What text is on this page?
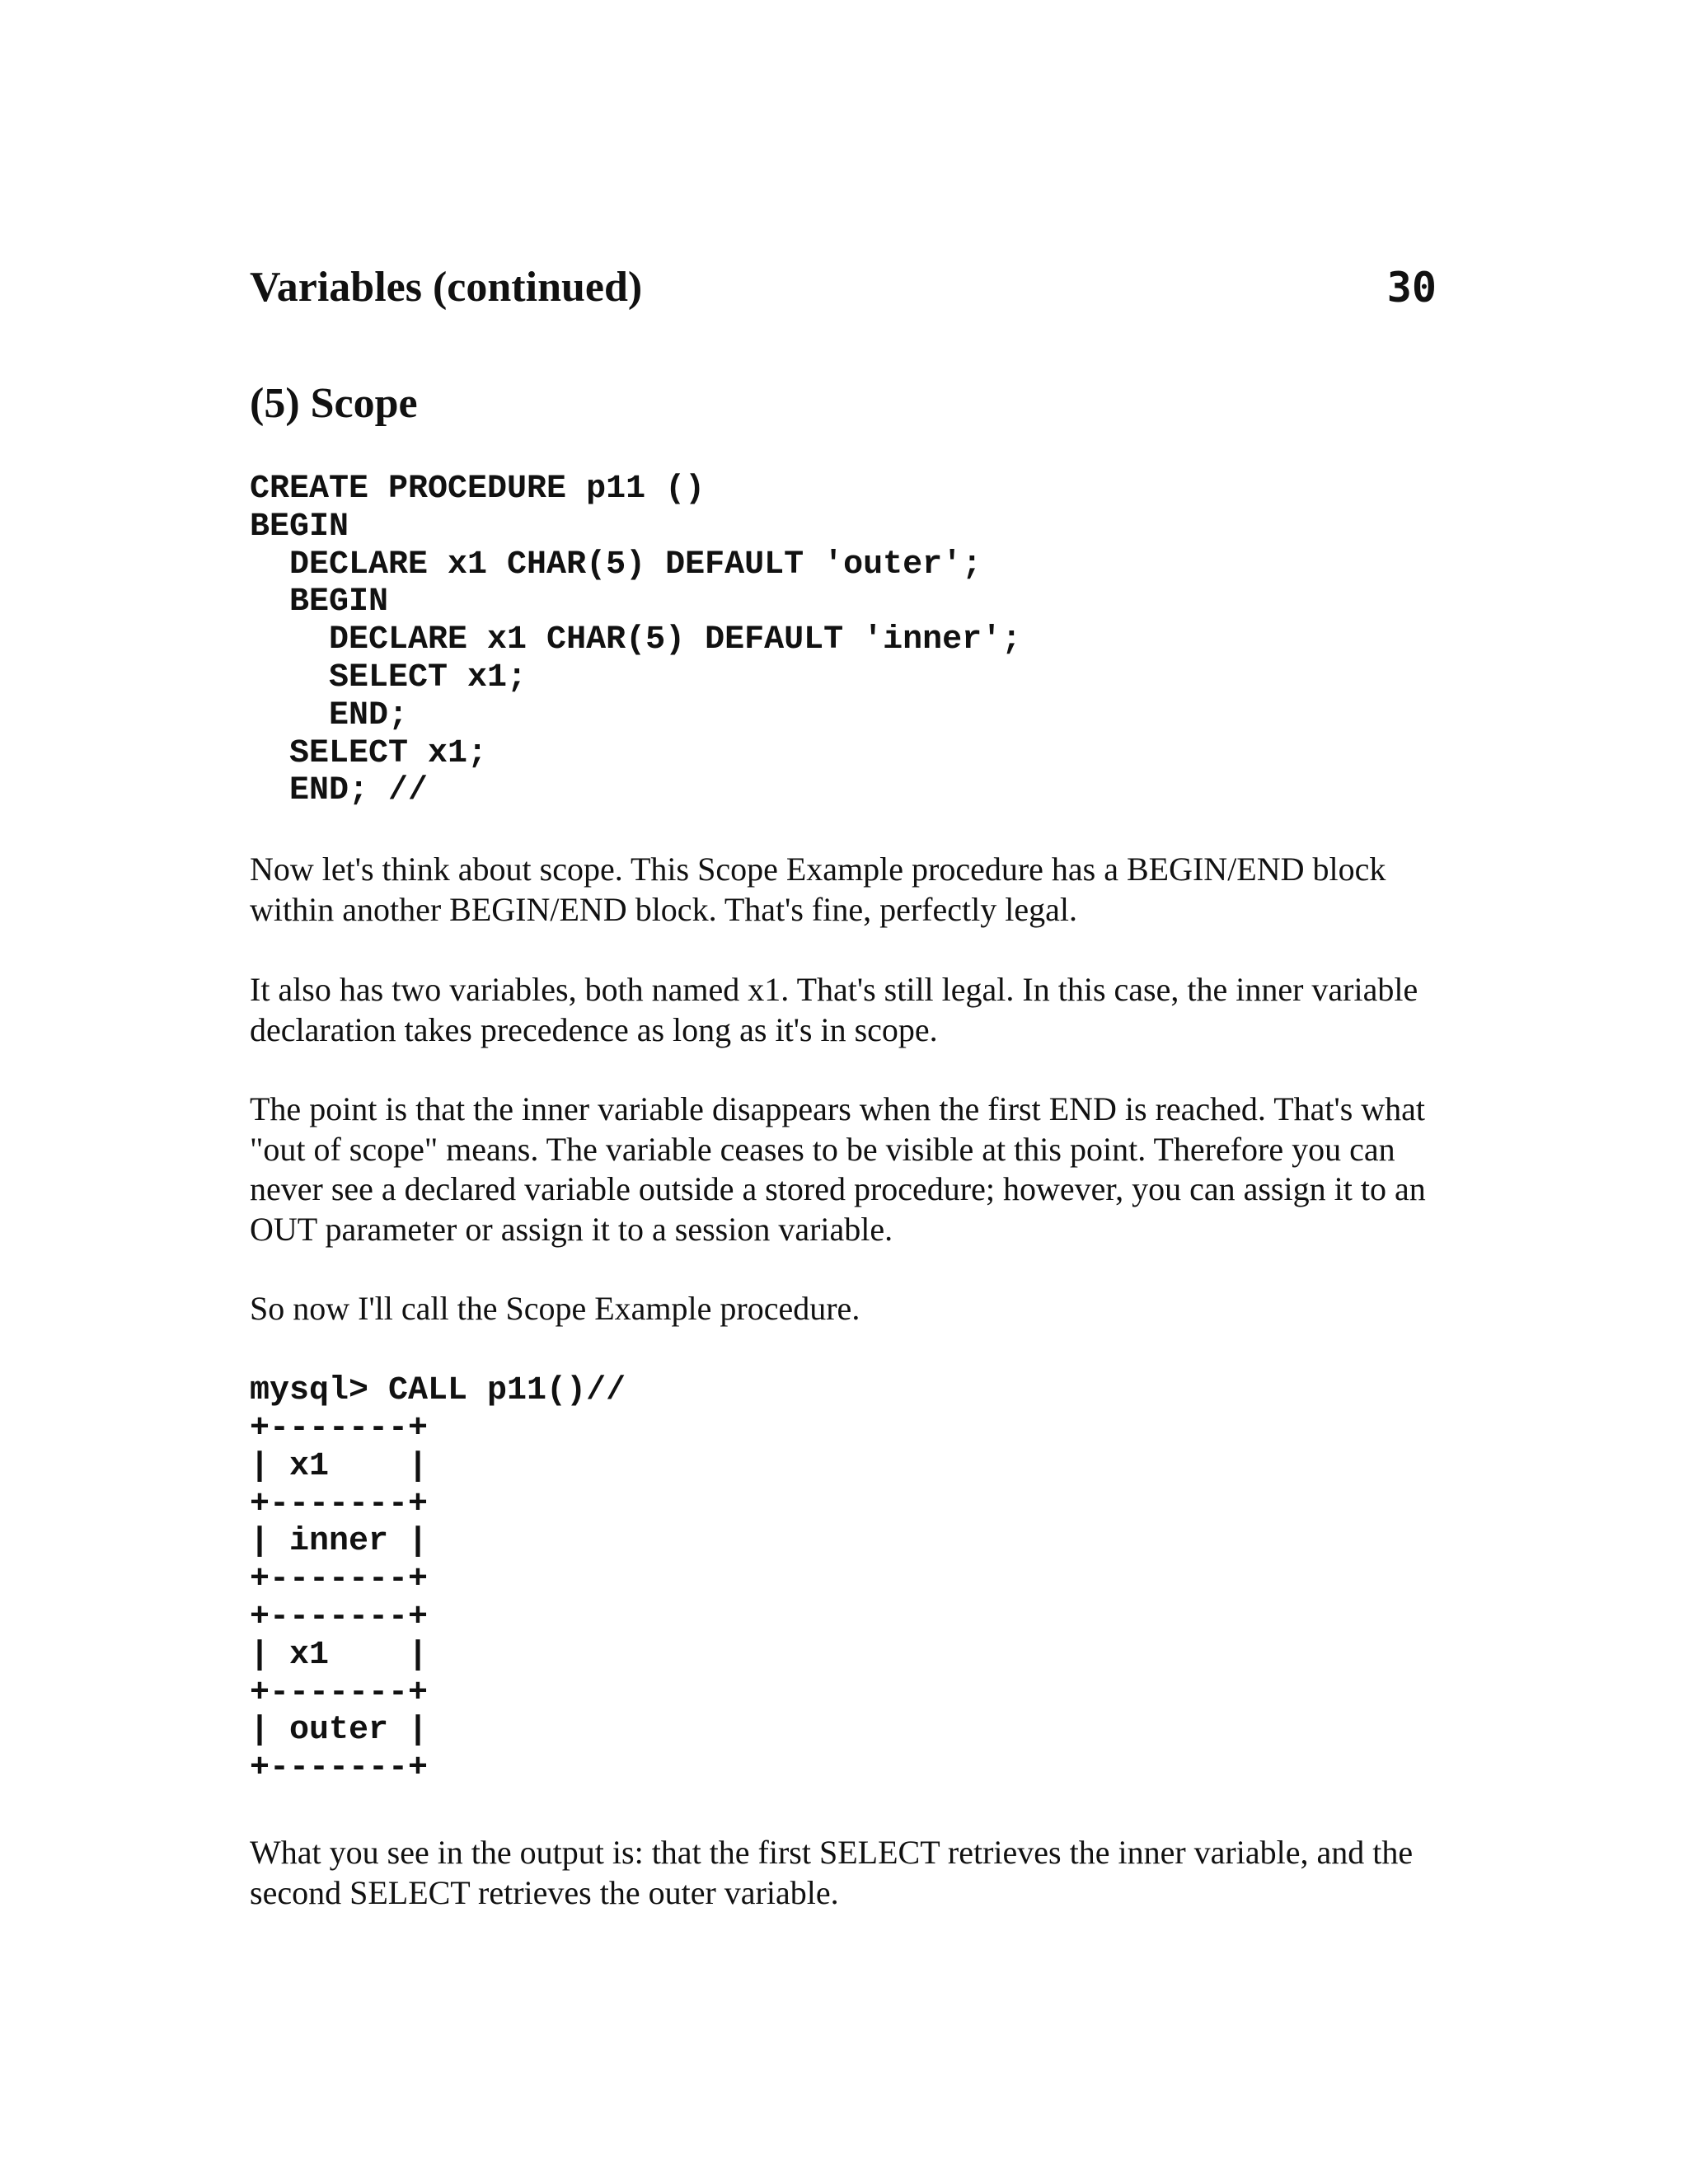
Variables (continued)	30
(5) Scope
CREATE PROCEDURE p11 ()
BEGIN
DECLARE x1 CHAR(5) DEFAULT 'outer';
BEGIN
DECLARE x1 CHAR(5) DEFAULT 'inner';
SELECT x1;
END;
SELECT x1;
END; //

Now let's think about scope. This Scope Example procedure has a BEGIN/END block
within another BEGIN/END block. That's fine, perfectly legal.

It also has two variables, both named x1. That's still legal. In this case, the inner variable
declaration takes precedence as long as it's in scope.

The point is that the inner variable disappears when the first END is reached. That's what
"out of scope" means. The variable ceases to be visible at this point. Therefore you can
never see a declared variable outside a stored procedure; however, you can assign it to an
OUT parameter or assign it to a session variable.

So now I'll call the Scope Example procedure.

mysql> CALL p11()//
+-------+
| x1    |
+-------+
| inner |
+-------+
+-------+
| x1    |
+-------+
| outer |
+-------+

What you see in the output is: that the first SELECT retrieves the inner variable, and the
second SELECT retrieves the outer variable.
